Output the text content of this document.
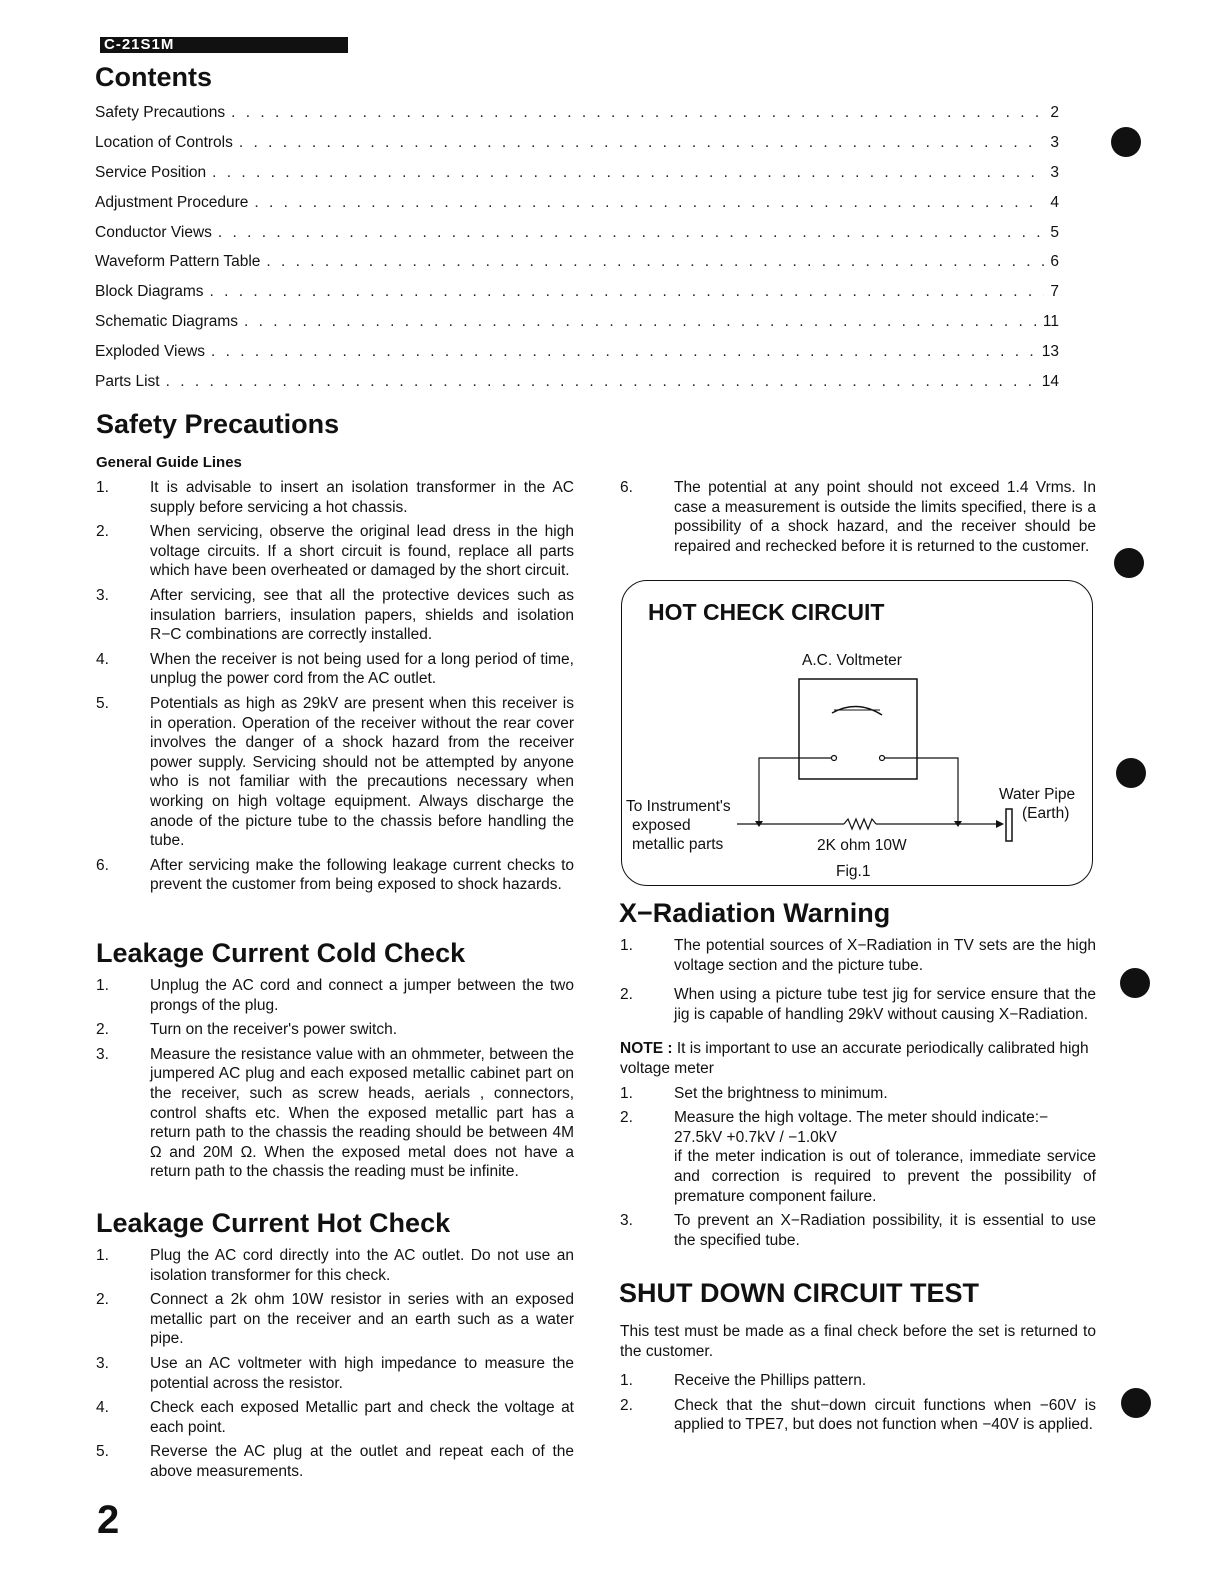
C-21S1M
Contents
Safety Precautions . . .	2
Location of Controls . . .	3
Service Position . . .	3
Adjustment Procedure . . .	4
Conductor Views . . .	5
Waveform Pattern Table . . .	6
Block Diagrams . . .	7
Schematic Diagrams . . .	11
Exploded Views . . .	13
Parts List . . .	14
Safety Precautions
General Guide Lines
1.	It is advisable to insert an isolation transformer in the AC supply before servicing a hot chassis.
2.	When servicing, observe the original lead dress in the high voltage circuits. If a short circuit is found, replace all parts which have been overheated or damaged by the short circuit.
3.	After servicing, see that all the protective devices such as insulation barriers, insulation papers, shields and isolation R−C combinations are correctly installed.
4.	When the receiver is not being used for a long period of time, unplug the power cord from the AC outlet.
5.	Potentials as high as 29kV are present when this receiver is in operation. Operation of the receiver without the rear cover involves the danger of a shock hazard from the receiver power supply. Servicing should not be attempted by anyone who is not familiar with the precautions necessary when working on high voltage equipment. Always discharge the anode of the picture tube to the chassis before handling the tube.
6.	After servicing make the following leakage current checks to prevent the customer from being exposed to shock hazards.
Leakage Current Cold Check
1.	Unplug the AC cord and connect a jumper between the two prongs of the plug.
2.	Turn on the receiver's power switch.
3.	Measure the resistance value with an ohmmeter, between the jumpered AC plug and each exposed metallic cabinet part on the receiver, such as screw heads, aerials , connectors, control shafts etc. When the exposed metallic part has a return path to the chassis the reading should be between 4M Ω and 20M Ω. When the exposed metal does not have a return path to the chassis the reading must be infinite.
Leakage Current Hot Check
1.	Plug the AC cord directly into the AC outlet. Do not use an isolation transformer for this check.
2.	Connect a 2k ohm 10W resistor in series with an exposed metallic part on the receiver and an earth such as a water pipe.
3.	Use an AC voltmeter with high impedance to measure the potential across the resistor.
4.	Check each exposed Metallic part and check the voltage at each point.
5.	Reverse the AC plug at the outlet and repeat each of the above measurements.
6.	The potential at any point should not exceed 1.4 Vrms. In case a measurement is outside the limits specified, there is a possibility of a shock hazard, and the receiver should be repaired and rechecked before it is returned to the customer.
HOT CHECK CIRCUIT
A.C. Voltmeter
To Instrument's
exposed
metallic parts	2K ohm 10W
Water Pipe
(Earth)
Fig.1
X−Radiation Warning
1.	The potential sources of X−Radiation in TV sets are the high voltage section and the picture tube.
2.	When using a picture tube test jig for service ensure that the jig is capable of handling 29kV without causing X−Radiation.
NOTE : It is important to use an accurate periodically calibrated high voltage meter
1.	Set the brightness to minimum.
2.	Measure the high voltage. The meter should indicate:−
27.5kV +0.7kV / −1.0kV
if the meter indication is out of tolerance, immediate service and correction is required to prevent the possibility of premature component failure.
3.	To prevent an X−Radiation possibility, it is essential to use the specified tube.
SHUT DOWN CIRCUIT TEST
This test must be made as a final check before the set is returned to the customer.
1.	Receive the Phillips pattern.
2.	Check that the shut−down circuit functions when −60V is applied to TPE7, but does not function when −40V is applied.
2
